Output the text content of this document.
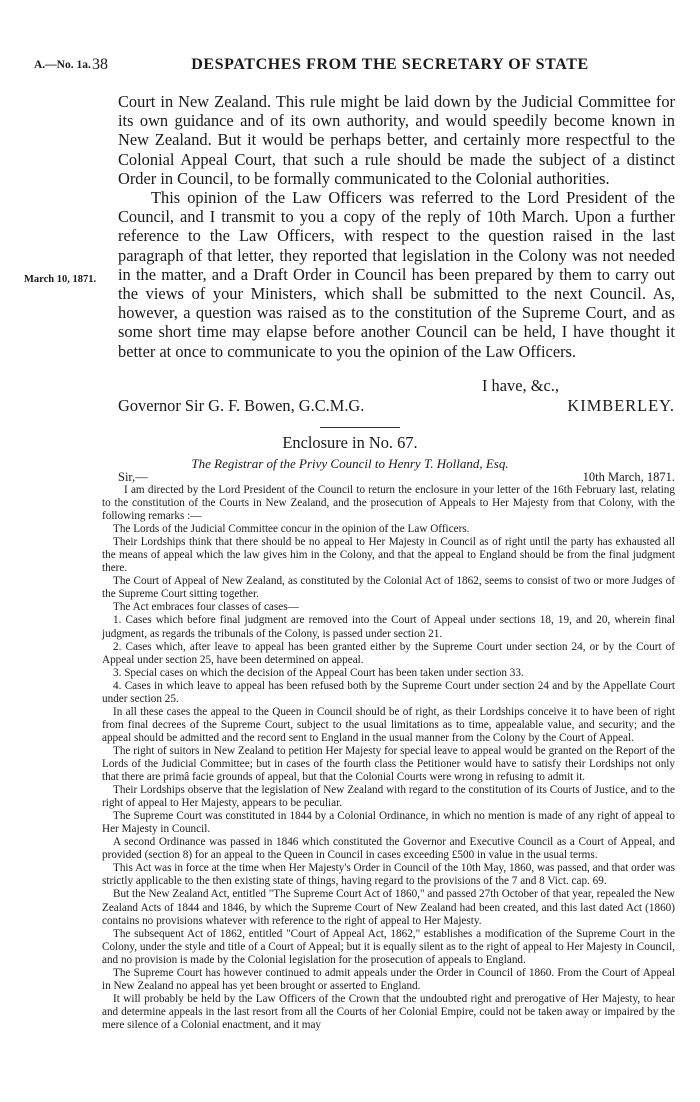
A.—No. 1a. 38	DESPATCHES FROM THE SECRETARY OF STATE
March 10, 1871.

Court in New Zealand. This rule might be laid down by the Judicial Committee for its own guidance and of its own authority, and would speedily become known in New Zealand. But it would be perhaps better, and certainly more respectful to the Colonial Appeal Court, that such a rule should be made the subject of a distinct Order in Council, to be formally communicated to the Colonial authorities.

This opinion of the Law Officers was referred to the Lord President of the Council, and I transmit to you a copy of the reply of 10th March. Upon a further reference to the Law Officers, with respect to the question raised in the last paragraph of that letter, they reported that legislation in the Colony was not needed in the matter, and a Draft Order in Council has been prepared by them to carry out the views of your Ministers, which shall be submitted to the next Council. As, however, a question was raised as to the constitution of the Supreme Court, and as some short time may elapse before another Council can be held, I have thought it better at once to communicate to you the opinion of the Law Officers.

I have, &c.,
Governor Sir G. F. Bowen, G.C.M.G.	KIMBERLEY.
Enclosure in No. 67.
The Registrar of the Privy Council to Henry T. Holland, Esq.
Sir,—	10th March, 1871.

I am directed by the Lord President of the Council to return the enclosure in your letter of the 16th February last, relating to the constitution of the Courts in New Zealand, and the prosecution of Appeals to Her Majesty from that Colony, with the following remarks :—

The Lords of the Judicial Committee concur in the opinion of the Law Officers.

Their Lordships think that there should be no appeal to Her Majesty in Council as of right until the party has exhausted all the means of appeal which the law gives him in the Colony, and that the appeal to England should be from the final judgment there.

The Court of Appeal of New Zealand, as constituted by the Colonial Act of 1862, seems to consist of two or more Judges of the Supreme Court sitting together.

The Act embraces four classes of cases—

1. Cases which before final judgment are removed into the Court of Appeal under sections 18, 19, and 20, wherein final judgment, as regards the tribunals of the Colony, is passed under section 21.

2. Cases which, after leave to appeal has been granted either by the Supreme Court under section 24, or by the Court of Appeal under section 25, have been determined on appeal.

3. Special cases on which the decision of the Appeal Court has been taken under section 33.

4. Cases in which leave to appeal has been refused both by the Supreme Court under section 24 and by the Appellate Court under section 25.

In all these cases the appeal to the Queen in Council should be of right, as their Lordships conceive it to have been of right from final decrees of the Supreme Court, subject to the usual limitations as to time, appealable value, and security; and the appeal should be admitted and the record sent to England in the usual manner from the Colony by the Court of Appeal.

The right of suitors in New Zealand to petition Her Majesty for special leave to appeal would be granted on the Report of the Lords of the Judicial Committee; but in cases of the fourth class the Petitioner would have to satisfy their Lordships not only that there are primâ facie grounds of appeal, but that the Colonial Courts were wrong in refusing to admit it.

Their Lordships observe that the legislation of New Zealand with regard to the constitution of its Courts of Justice, and to the right of appeal to Her Majesty, appears to be peculiar.

The Supreme Court was constituted in 1844 by a Colonial Ordinance, in which no mention is made of any right of appeal to Her Majesty in Council.

A second Ordinance was passed in 1846 which constituted the Governor and Executive Council as a Court of Appeal, and provided (section 8) for an appeal to the Queen in Council in cases exceeding £500 in value in the usual terms.

This Act was in force at the time when Her Majesty's Order in Council of the 10th May, 1860, was passed, and that order was strictly applicable to the then existing state of things, having regard to the provisions of the 7 and 8 Vict. cap. 69.

But the New Zealand Act, entitled "The Supreme Court Act of 1860," and passed 27th October of that year, repealed the New Zealand Acts of 1844 and 1846, by which the Supreme Court of New Zealand had been created, and this last dated Act (1860) contains no provisions whatever with reference to the right of appeal to Her Majesty.

The subsequent Act of 1862, entitled "Court of Appeal Act, 1862," establishes a modification of the Supreme Court in the Colony, under the style and title of a Court of Appeal; but it is equally silent as to the right of appeal to Her Majesty in Council, and no provision is made by the Colonial legislation for the prosecution of appeals to England.

The Supreme Court has however continued to admit appeals under the Order in Council of 1860. From the Court of Appeal in New Zealand no appeal has yet been brought or asserted to England.

It will probably be held by the Law Officers of the Crown that the undoubted right and prerogative of Her Majesty, to hear and determine appeals in the last resort from all the Courts of her Colonial Empire, could not be taken away or impaired by the mere silence of a Colonial enactment, and it may
